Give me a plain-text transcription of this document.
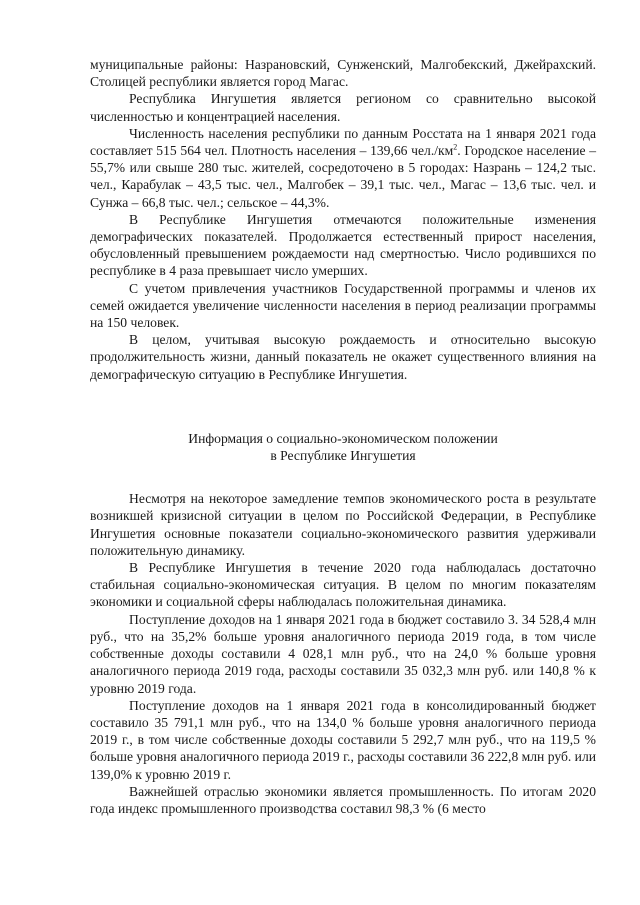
муниципальные районы: Назрановский, Сунженский, Малгобекский, Джейрахский. Столицей республики является город Магас.

Республика Ингушетия является регионом со сравнительно высокой численностью и концентрацией населения.

Численность населения республики по данным Росстата на 1 января 2021 года составляет 515 564 чел. Плотность населения – 139,66 $чел./км^2$. Городское население – 55,7% или свыше 280 тыс. жителей, сосредоточено в 5 городах: Назрань – 124,2 тыс. чел., Карабулак – 43,5 тыс. чел., Малгобек – 39,1 тыс. чел., Магас – 13,6 тыс. чел. и Сунжа – 66,8 тыс. чел.; сельское – 44,3%.

В Республике Ингушетия отмечаются положительные изменения демографических показателей. Продолжается естественный прирост населения, обусловленный превышением рождаемости над смертностью. Число родившихся по республике в 4 раза превышает число умерших.

С учетом привлечения участников Государственной программы и членов их семей ожидается увеличение численности населения в период реализации программы на 150 человек.

В целом, учитывая высокую рождаемость и относительно высокую продолжительность жизни, данный показатель не окажет существенного влияния на демографическую ситуацию в Республике Ингушетия.

Информация о социально-экономическом положении
в Республике Ингушетия

Несмотря на некоторое замедление темпов экономического роста в результате возникшей кризисной ситуации в целом по Российской Федерации, в Республике Ингушетия основные показатели социально-экономического развития удерживали положительную динамику.

В Республике Ингушетия в течение 2020 года наблюдалась достаточно стабильная социально-экономическая ситуация. В целом по многим показателям экономики и социальной сферы наблюдалась положительная динамика.

Поступление доходов на 1 января 2021 года в бюджет составило 3. 34 528,4 млн руб., что на 35,2% больше уровня аналогичного периода 2019 года, в том числе собственные доходы составили 4 028,1 млн руб., что на 24,0 % больше уровня аналогичного периода 2019 года, расходы составили 35 032,3 млн руб. или 140,8 % к уровню 2019 года.

Поступление доходов на 1 января 2021 года в консолидированный бюджет составило 35 791,1 млн руб., что на 134,0 % больше уровня аналогичного периода 2019 г., в том числе собственные доходы составили 5 292,7 млн руб., что на 119,5 % больше уровня аналогичного периода 2019 г., расходы составили 36 222,8 млн руб. или 139,0% к уровню 2019 г.

Важнейшей отраслью экономики является промышленность. По итогам 2020 года индекс промышленного производства составил 98,3 % (6 место
